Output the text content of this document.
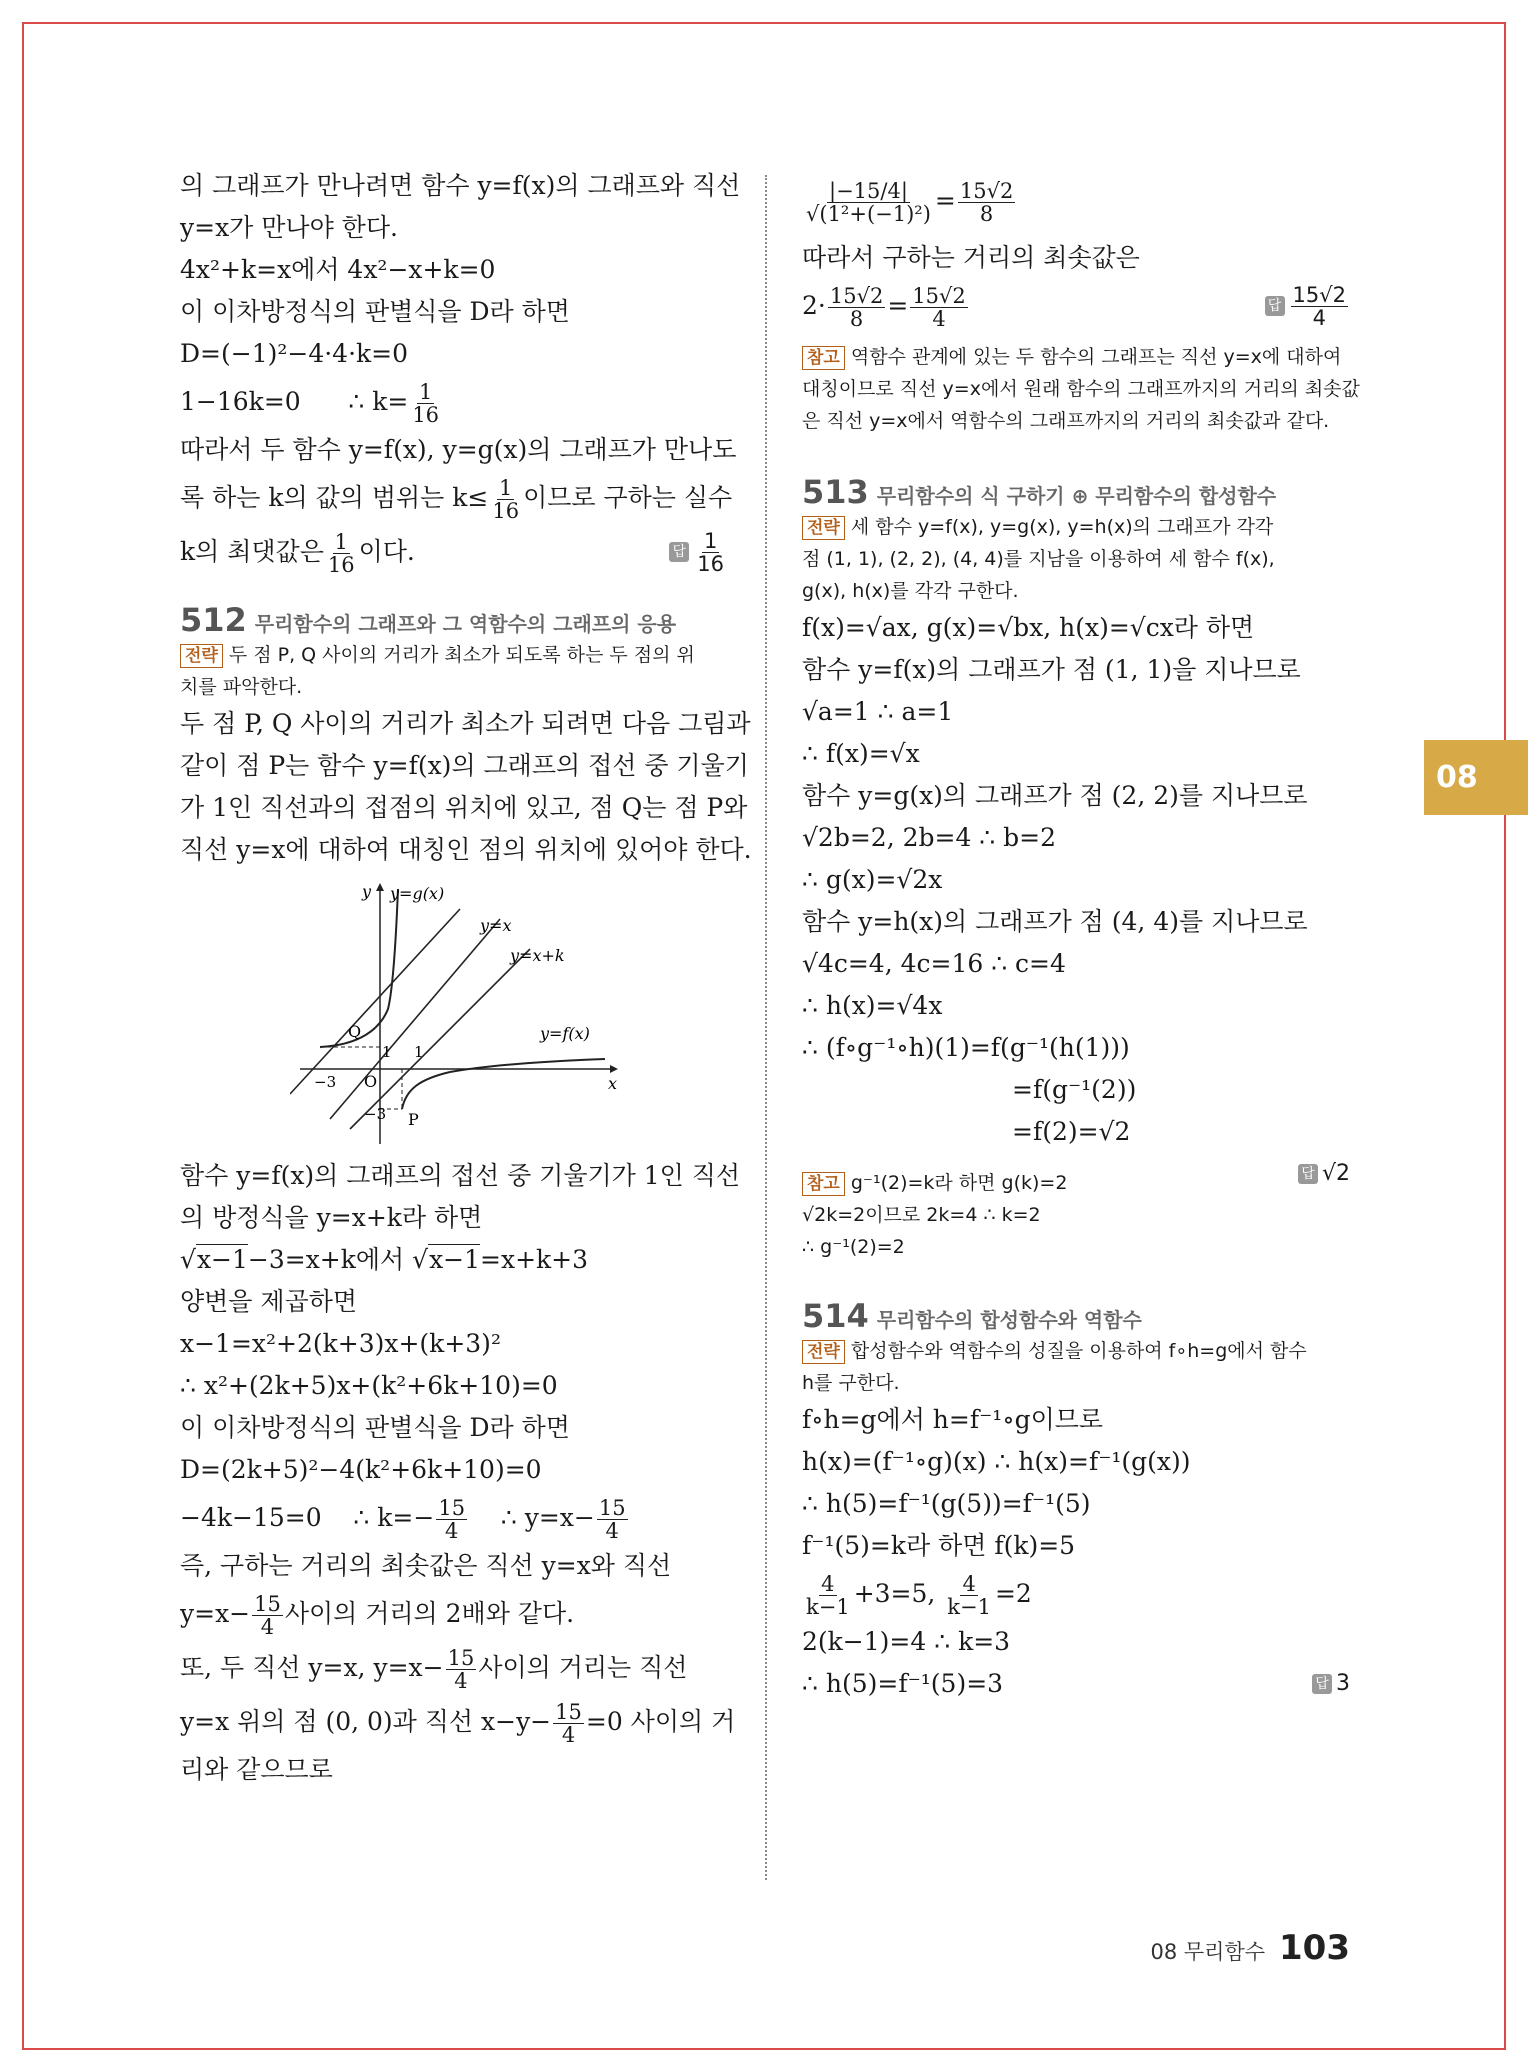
08
의 그래프가 만나려면 함수 y=f(x)의 그래프와 직선
y=x가 만나야 한다.
4x²+k=x에서 4x²−x+k=0
이 이차방정식의 판별식을 D라 하면
D=(−1)²−4·4·k=0
1−16k=0 ∴ $k= \frac{1}{16}$
따라서 두 함수 y=f(x), y=g(x)의 그래프가 만나도
록 하는 k의 값의 범위는 $k\le \frac{1}{16}$ 이므로 구하는 실수
k의 최댓값은 $\frac{1}{16}$ 이다.	답 $\frac{1}{16}$
512 무리함수의 그래프와 그 역함수의 그래프의 응용
전략 두 점 P, Q 사이의 거리가 최소가 되도록 하는 두 점의 위
치를 파악한다.
두 점 P, Q 사이의 거리가 최소가 되려면 다음 그림과
같이 점 P는 함수 y=f(x)의 그래프의 접선 중 기울기
가 1인 직선과의 접점의 위치에 있고, 점 Q는 점 P와
직선 y=x에 대하여 대칭인 점의 위치에 있어야 한다.
y
x
y=g(x)
y=x
y=x+k
y=f(x)
Q
P
O
1 1
−3
−3
함수 y=f(x)의 그래프의 접선 중 기울기가 1인 직선
의 방정식을 y=x+k라 하면
√x−1−3=x+k에서 √x−1=x+k+3
양변을 제곱하면
x−1=x²+2(k+3)x+(k+3)²
∴ x²+(2k+5)x+(k²+6k+10)=0
이 이차방정식의 판별식을 D라 하면
D=(2k+5)²−4(k²+6k+10)=0
−4k−15=0 ∴ $k=- \frac{15}{4}$ ∴ $y=x- \frac{15}{4}$
즉, 구하는 거리의 최솟값은 직선 y=x와 직선
$y=x- \frac{15}{4}$ 사이의 거리의 2배와 같다.
또, 두 직선 y=x, $y=x- \frac{15}{4}$ 사이의 거리는 직선
y=x 위의 점 (0, 0)과 직선 $x-y- \frac{15}{4} =0$ 사이의 거
리와 같으므로
$\frac{|-15/4|}{\text{√(1²+(−1)²)}} = \frac{15√2}{8}$
따라서 구하는 거리의 최솟값은
$2\cdot \frac{15√2}{8} = \frac{15√2}{4}$	답 $\frac{15√2}{4}$
참고 역함수 관계에 있는 두 함수의 그래프는 직선 y=x에 대하여
대칭이므로 직선 y=x에서 원래 함수의 그래프까지의 거리의 최솟값
은 직선 y=x에서 역함수의 그래프까지의 거리의 최솟값과 같다.
513 무리함수의 식 구하기 ⊕ 무리함수의 합성함수
전략 세 함수 y=f(x), y=g(x), y=h(x)의 그래프가 각각
점 (1, 1), (2, 2), (4, 4)를 지남을 이용하여 세 함수 f(x),
g(x), h(x)를 각각 구한다.
f(x)=√ax, g(x)=√bx, h(x)=√cx라 하면
함수 y=f(x)의 그래프가 점 (1, 1)을 지나므로
√a=1 ∴ a=1
∴ f(x)=√x
함수 y=g(x)의 그래프가 점 (2, 2)를 지나므로
√2b=2, 2b=4 ∴ b=2
∴ g(x)=√2x
함수 y=h(x)의 그래프가 점 (4, 4)를 지나므로
√4c=4, 4c=16 ∴ c=4
∴ h(x)=√4x
∴ (f∘g⁻¹∘h)(1)=f(g⁻¹(h(1)))
=f(g⁻¹(2))
=f(2)=√2
답 √2
참고 g⁻¹(2)=k라 하면 g(k)=2
√2k=2이므로 2k=4 ∴ k=2
∴ g⁻¹(2)=2
514 무리함수의 합성함수와 역함수
전략 합성함수와 역함수의 성질을 이용하여 f∘h=g에서 함수
h를 구한다.
f∘h=g에서 h=f⁻¹∘g이므로
h(x)=(f⁻¹∘g)(x) ∴ h(x)=f⁻¹(g(x))
∴ h(5)=f⁻¹(g(5))=f⁻¹(5)
f⁻¹(5)=k라 하면 f(k)=5
$\frac{4}{k-1} +3=5$, $\frac{4}{k-1} =2$
2(k−1)=4 ∴ k=3
∴ h(5)=f⁻¹(5)=3	답 3
08 무리함수 103
